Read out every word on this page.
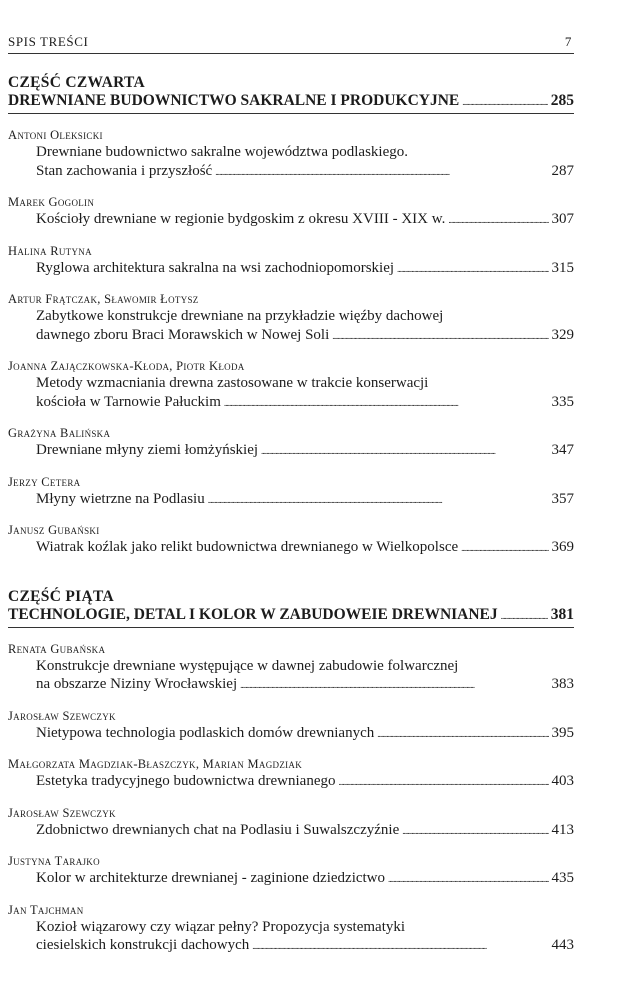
SPIS TREŚCI	7
CZĘŚĆ CZWARTA
DREWNIANE BUDOWNICTWO SAKRALNE I PRODUKCYJNE . . .	285
Antoni Oleksicki
Drewniane budownictwo sakralne województwa podlaskiego.
Stan zachowania i przyszłość . . .	287
Marek Gogolin
Kościoły drewniane w regionie bydgoskim z okresu XVIII - XIX w. . . .	307
Halina Rutyna
Ryglowa architektura sakralna na wsi zachodniopomorskiej . . .	315
Artur Frątczak, Sławomir Łotysz
Zabytkowe konstrukcje drewniane na przykładzie więźby dachowej
dawnego zboru Braci Morawskich w Nowej Soli . . .	329
Joanna Zajączkowska-Kłoda, Piotr Kłoda
Metody wzmacniania drewna zastosowane w trakcie konserwacji
kościoła w Tarnowie Pałuckim . . .	335
Grażyna Balińska
Drewniane młyny ziemi łomżyńskiej . . .	347
Jerzy Cetera
Młyny wietrzne na Podlasiu . . .	357
Janusz Gubański
Wiatrak koźlak jako relikt budownictwa drewnianego w Wielkopolsce . . .	369
CZĘŚĆ PIĄTA
TECHNOLOGIE, DETAL I KOLOR W ZABUDOWEIE DREWNIANEJ . . .	381
Renata Gubańska
Konstrukcje drewniane występujące w dawnej zabudowie folwarcznej
na obszarze Niziny Wrocławskiej . . .	383
Jarosław Szewczyk
Nietypowa technologia podlaskich domów drewnianych . . .	395
Małgorzata Magdziak-Błaszczyk, Marian Magdziak
Estetyka tradycyjnego budownictwa drewnianego . . .	403
Jarosław Szewczyk
Zdobnictwo drewnianych chat na Podlasiu i Suwalszczyźnie . . .	413
Justyna Tarajko
Kolor w architekturze drewnianej - zaginione dziedzictwo . . .	435
Jan Tajchman
Kozioł wiązarowy czy wiązar pełny? Propozycja systematyki
ciesielskich konstrukcji dachowych . . .	443
